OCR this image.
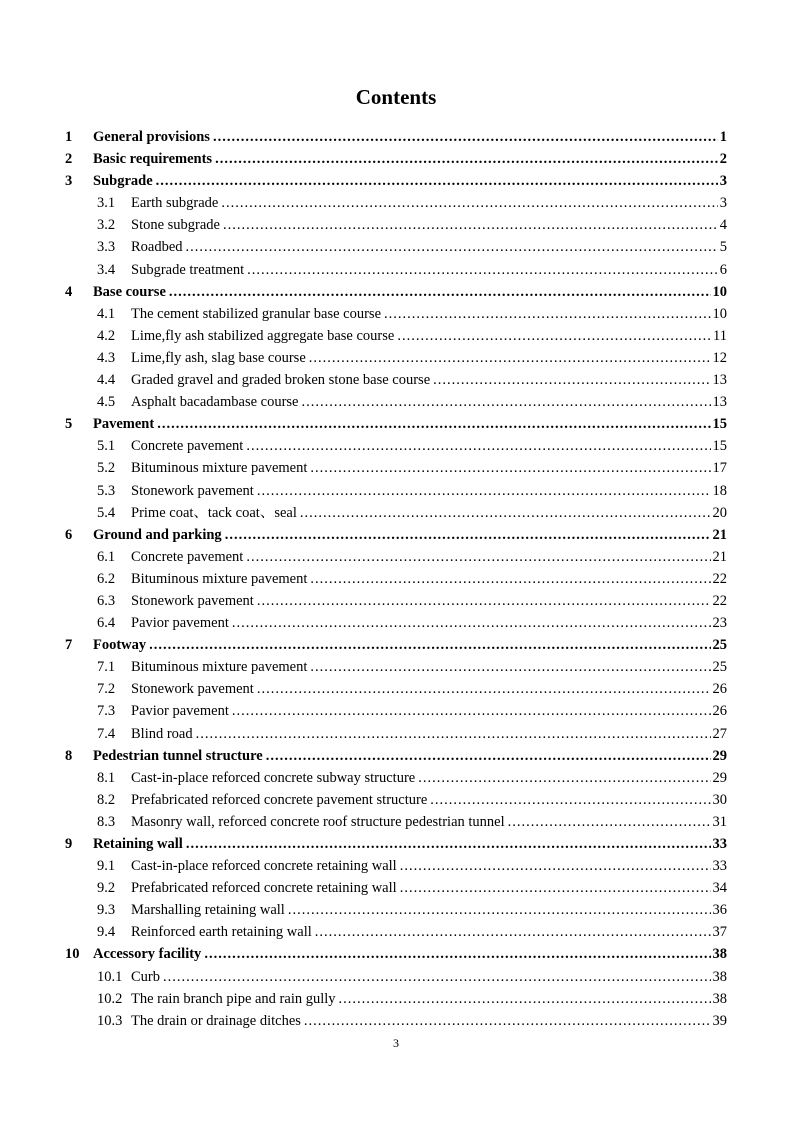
Contents
1	General provisions .....	1
2	Basic requirements .....	2
3	Subgrade .....	3
3.1	Earth subgrade .....	3
3.2	Stone subgrade .....	4
3.3	Roadbed .....	5
3.4	Subgrade treatment .....	6
4	Base course .....	10
4.1	The cement stabilized granular base course .....	10
4.2	Lime,fly ash stabilized aggregate base course .....	11
4.3	Lime,fly ash, slag base course .....	12
4.4	Graded gravel and graded broken stone base course .....	13
4.5	Asphalt bacadambase course .....	13
5	Pavement .....	15
5.1	Concrete pavement .....	15
5.2	Bituminous mixture pavement .....	17
5.3	Stonework pavement .....	18
5.4	Prime coat、tack coat、seal .....	20
6	Ground and parking .....	21
6.1	Concrete pavement .....	21
6.2	Bituminous mixture pavement .....	22
6.3	Stonework pavement .....	22
6.4	Pavior pavement .....	23
7	Footway .....	25
7.1	Bituminous mixture pavement .....	25
7.2	Stonework pavement .....	26
7.3	Pavior pavement .....	26
7.4	Blind road .....	27
8	Pedestrian tunnel structure .....	29
8.1	Cast-in-place reforced concrete subway structure .....	29
8.2	Prefabricated reforced concrete pavement structure .....	30
8.3	Masonry wall, reforced concrete roof structure pedestrian tunnel .....	31
9	Retaining wall .....	33
9.1	Cast-in-place reforced concrete retaining wall .....	33
9.2	Prefabricated reforced concrete retaining wall .....	34
9.3	Marshalling retaining wall .....	36
9.4	Reinforced earth retaining wall .....	37
10 Accessory facility .....	38
10.1 Curb .....	38
10.2 The rain branch pipe and rain gully .....	38
10.3 The drain or drainage ditches .....	39
3
